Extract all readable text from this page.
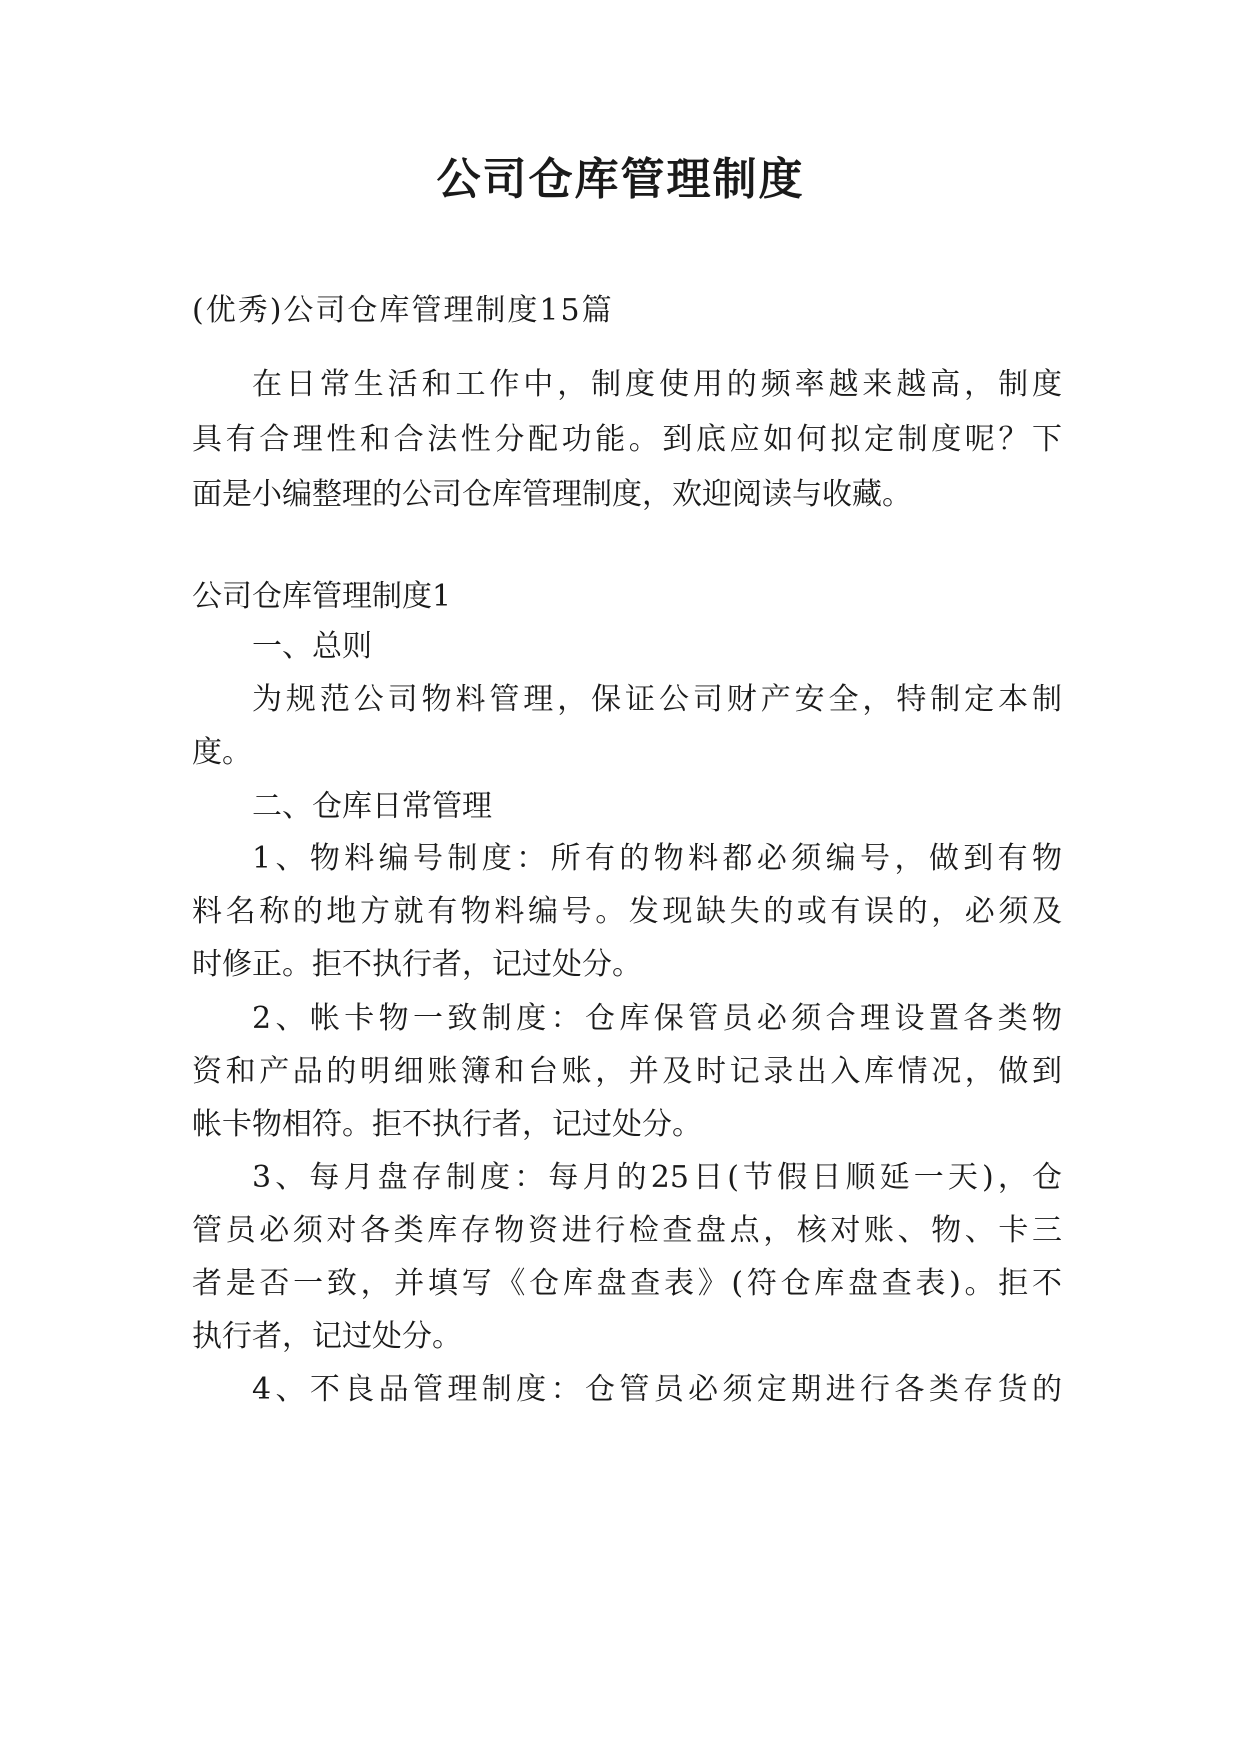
公司仓库管理制度
(优秀)公司仓库管理制度15篇
在日常生活和工作中，制度使用的频率越来越高，制度
具有合理性和合法性分配功能。到底应如何拟定制度呢？下
面是小编整理的公司仓库管理制度，欢迎阅读与收藏。
公司仓库管理制度1
一、总则
为规范公司物料管理，保证公司财产安全，特制定本制
度。
二、仓库日常管理
1、物料编号制度：所有的物料都必须编号，做到有物
料名称的地方就有物料编号。发现缺失的或有误的，必须及
时修正。拒不执行者，记过处分。
2、帐卡物一致制度：仓库保管员必须合理设置各类物
资和产品的明细账簿和台账，并及时记录出入库情况，做到
帐卡物相符。拒不执行者，记过处分。
3、每月盘存制度：每月的25日(节假日顺延一天)，仓
管员必须对各类库存物资进行检查盘点，核对账、物、卡三
者是否一致，并填写《仓库盘查表》(符仓库盘查表)。拒不
执行者，记过处分。
4、不良品管理制度：仓管员必须定期进行各类存货的
